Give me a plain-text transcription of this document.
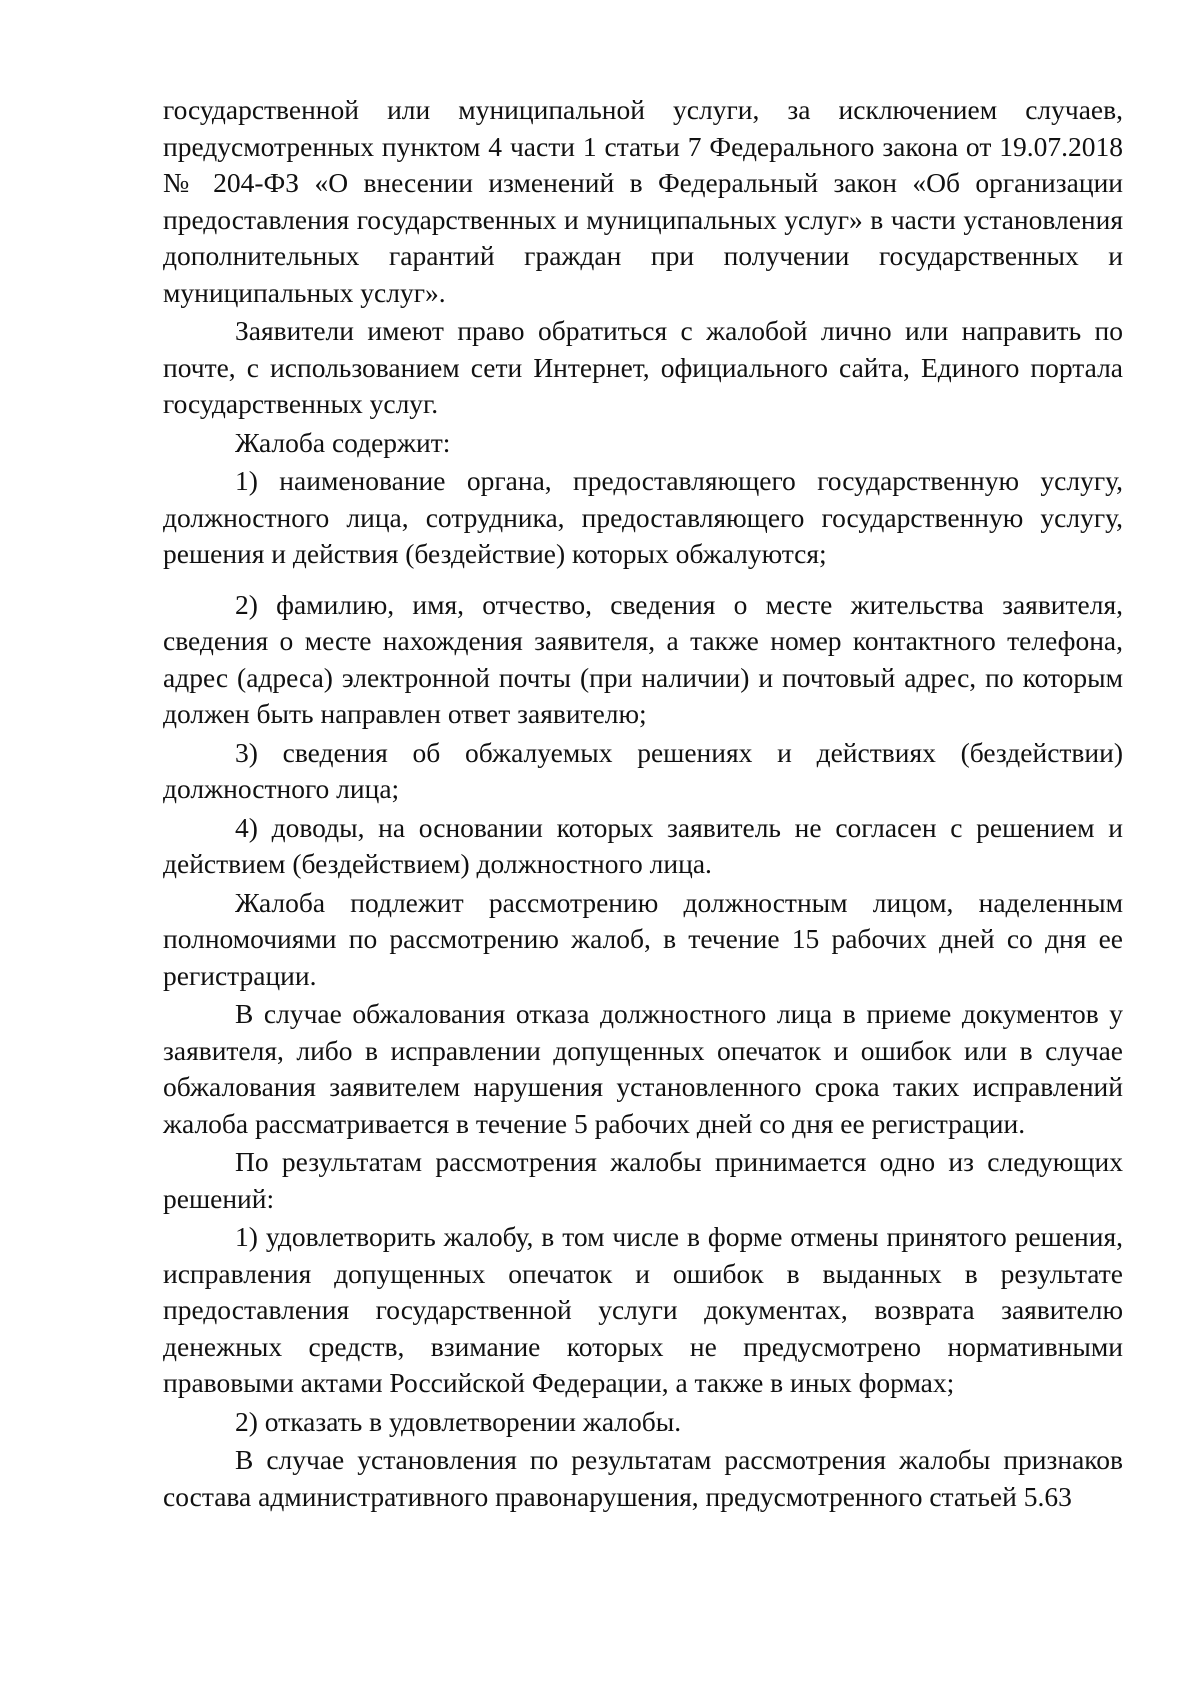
государственной или муниципальной услуги, за исключением случаев, предусмотренных пунктом 4 части 1 статьи 7 Федерального закона от 19.07.2018 № 204-ФЗ «О внесении изменений в Федеральный закон «Об организации предоставления государственных и муниципальных услуг» в части установления дополнительных гарантий граждан при получении государственных и муниципальных услуг».

Заявители имеют право обратиться с жалобой лично или направить по почте, с использованием сети Интернет, официального сайта, Единого портала государственных услуг.

Жалоба содержит:

1) наименование органа, предоставляющего государственную услугу, должностного лица, сотрудника, предоставляющего государственную услугу, решения и действия (бездействие) которых обжалуются;

2) фамилию, имя, отчество, сведения о месте жительства заявителя, сведения о месте нахождения заявителя, а также номер контактного телефона, адрес (адреса) электронной почты (при наличии) и почтовый адрес, по которым должен быть направлен ответ заявителю;

3) сведения об обжалуемых решениях и действиях (бездействии) должностного лица;

4) доводы, на основании которых заявитель не согласен с решением и действием (бездействием) должностного лица.

Жалоба подлежит рассмотрению должностным лицом, наделенным полномочиями по рассмотрению жалоб, в течение 15 рабочих дней со дня ее регистрации.

В случае обжалования отказа должностного лица в приеме документов у заявителя, либо в исправлении допущенных опечаток и ошибок или в случае обжалования заявителем нарушения установленного срока таких исправлений жалоба рассматривается в течение 5 рабочих дней со дня ее регистрации.

По результатам рассмотрения жалобы принимается одно из следующих решений:

1) удовлетворить жалобу, в том числе в форме отмены принятого решения, исправления допущенных опечаток и ошибок в выданных в результате предоставления государственной услуги документах, возврата заявителю денежных средств, взимание которых не предусмотрено нормативными правовыми актами Российской Федерации, а также в иных формах;

2) отказать в удовлетворении жалобы.

В случае установления по результатам рассмотрения жалобы признаков состава административного правонарушения, предусмотренного статьей 5.63
